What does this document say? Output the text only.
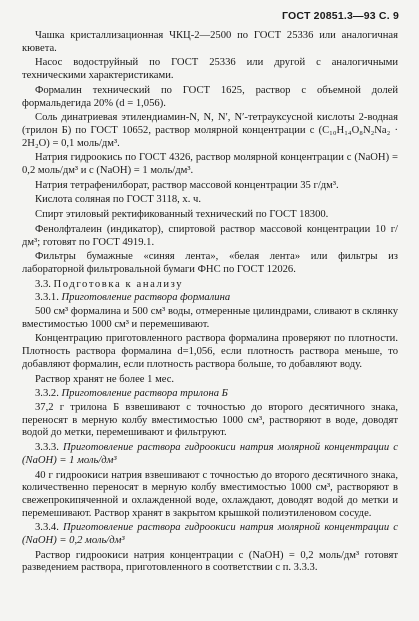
ГОСТ 20851.3—93 С. 9

Чашка кристаллизационная ЧКЦ-2—2500 по ГОСТ 25336 или аналогичная кювета.

Насос водоструйный по ГОСТ 25336 или другой с аналогичными техническими характеристиками.

Формалин технический по ГОСТ 1625, раствор с объемной долей формальдегида 20% (d = 1,056).

Соль динатриевая этилендиамин-N, N, N′, N′-тетрауксусной кислоты 2-водная (трилон Б) по ГОСТ 10652, раствор молярной концентрации c (C₁₀H₁₄O₈N₂Na₂ · 2H₂O) = 0,1 моль/дм³.

Натрия гидроокись по ГОСТ 4326, раствор молярной концентрации c (NaOH) = 0,2 моль/дм³ и c (NaOH) = 1 моль/дм³.

Натрия тетрафенилборат, раствор массовой концентрации 35 г/дм³.

Кислота соляная по ГОСТ 3118, х. ч.

Спирт этиловый ректификованный технический по ГОСТ 18300.

Фенолфталеин (индикатор), спиртовой раствор массовой концентрации 10 г/дм³; готовят по ГОСТ 4919.1.

Фильтры бумажные «синяя лента», «белая лента» или фильтры из лабораторной фильтровальной бумаги ФНС по ГОСТ 12026.

3.3. Подготовка к анализу

3.3.1. Приготовление раствора формалина

500 см³ формалина и 500 см³ воды, отмеренные цилиндрами, сливают в склянку вместимостью 1000 см³ и перемешивают.

Концентрацию приготовленного раствора формалина проверяют по плотности. Плотность раствора формалина d=1,056, если плотность раствора меньше, то добавляют формалин, если плотность раствора больше, то добавляют воду.

Раствор хранят не более 1 мес.

3.3.2. Приготовление раствора трилона Б

37,2 г трилона Б взвешивают с точностью до второго десятичного знака, переносят в мерную колбу вместимостью 1000 см³, растворяют в воде, доводят водой до метки, перемешивают и фильтруют.

3.3.3. Приготовление раствора гидроокиси натрия молярной концентрации c (NaOH) = 1 моль/дм³

40 г гидроокиси натрия взвешивают с точностью до второго десятичного знака, количественно переносят в мерную колбу вместимостью 1000 см³, растворяют в свежепрокипяченной и охлажденной воде, охлаждают, доводят водой до метки и перемешивают. Раствор хранят в закрытом крышкой полиэтиленовом сосуде.

3.3.4. Приготовление раствора гидроокиси натрия молярной концентрации c (NaOH) = 0,2 моль/дм³

Раствор гидроокиси натрия концентрации c (NaOH) = 0,2 моль/дм³ готовят разведением раствора, приготовленного в соответствии с п. 3.3.3.
